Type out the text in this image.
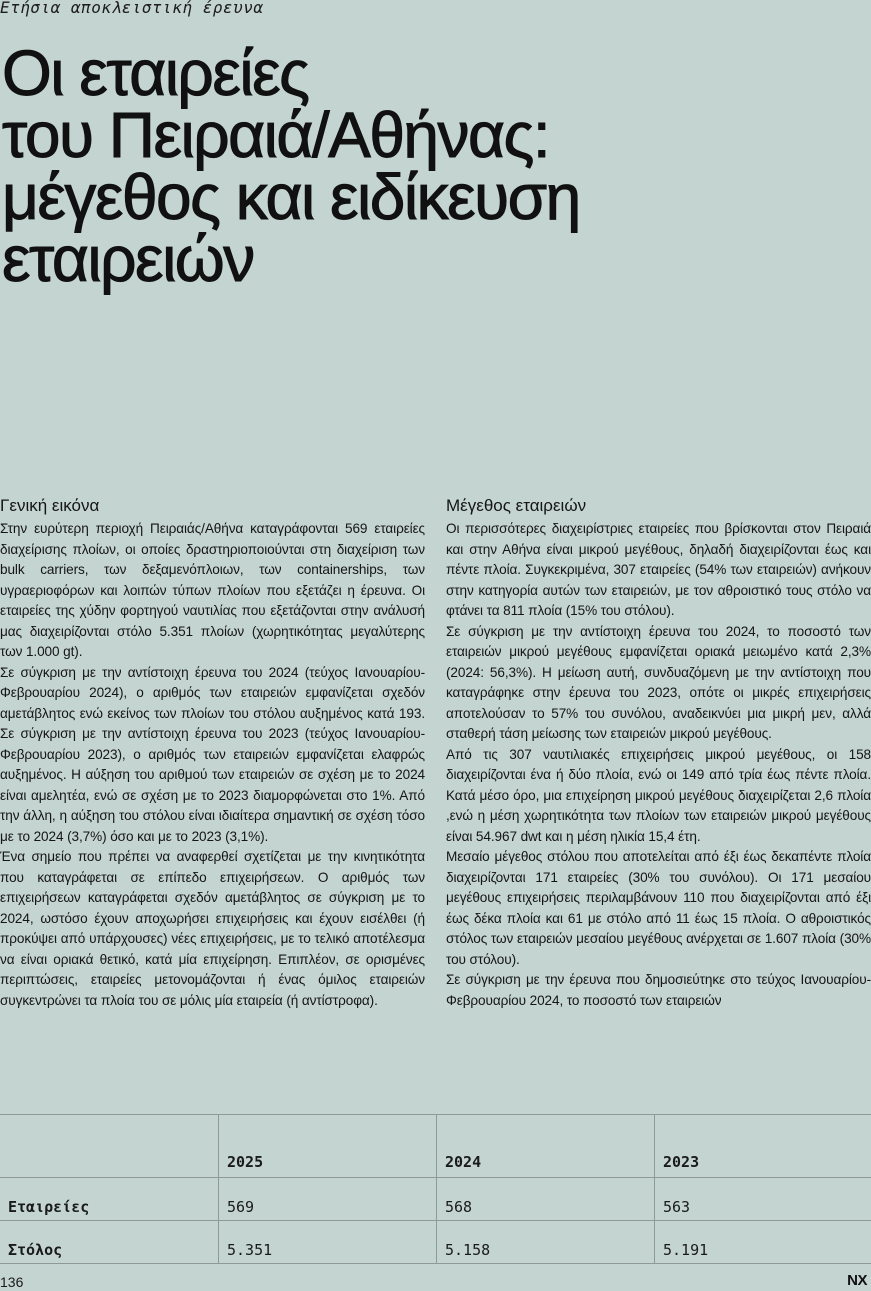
Ετήσια αποκλειστική έρευνα
Οι εταιρείες
του Πειραιά/Αθήνας:
μέγεθος και ειδίκευση
εταιρειών
Γενική εικόνα

Στην ευρύτερη περιοχή Πειραιάς/Αθήνα καταγράφονται 569 εταιρείες διαχείρισης πλοίων, οι οποίες δραστηριοποιούνται στη διαχείριση των bulk carriers, των δεξαμενόπλοιων, των containerships, των υγραεριοφόρων και λοιπών τύπων πλοίων που εξετάζει η έρευνα. Οι εταιρείες της χύδην φορτηγού ναυτιλίας που εξετάζονται στην ανάλυσή μας διαχειρίζονται στόλο 5.351 πλοίων (χωρητικότητας μεγαλύτερης των 1.000 gt).

Σε σύγκριση με την αντίστοιχη έρευνα του 2024 (τεύχος Ιανουαρίου-Φεβρουαρίου 2024), ο αριθμός των εταιρειών εμφανίζεται σχεδόν αμετάβλητος ενώ εκείνος των πλοίων του στόλου αυξημένος κατά 193. Σε σύγκριση με την αντίστοιχη έρευνα του 2023 (τεύχος Ιανουαρίου-Φεβρουαρίου 2023), ο αριθμός των εταιρειών εμφανίζεται ελαφρώς αυξημένος. Η αύξηση του αριθμού των εταιρειών σε σχέση με το 2024 είναι αμελητέα, ενώ σε σχέση με το 2023 διαμορφώνεται στο 1%. Από την άλλη, η αύξηση του στόλου είναι ιδιαίτερα σημαντική σε σχέση τόσο με το 2024 (3,7%) όσο και με το 2023 (3,1%).

Ένα σημείο που πρέπει να αναφερθεί σχετίζεται με την κινητικότητα που καταγράφεται σε επίπεδο επιχειρήσεων. Ο αριθμός των επιχειρήσεων καταγράφεται σχεδόν αμετάβλητος σε σύγκριση με το 2024, ωστόσο έχουν αποχωρήσει επιχειρήσεις και έχουν εισέλθει (ή προκύψει από υπάρχουσες) νέες επιχειρήσεις, με το τελικό αποτέλεσμα να είναι οριακά θετικό, κατά μία επιχείρηση. Επιπλέον, σε ορισμένες περιπτώσεις, εταιρείες μετονομάζονται ή ένας όμιλος εταιρειών συγκεντρώνει τα πλοία του σε μόλις μία εταιρεία (ή αντίστροφα).

Μέγεθος εταιρειών

Οι περισσότερες διαχειρίστριες εταιρείες που βρίσκονται στον Πειραιά και στην Αθήνα είναι μικρού μεγέθους, δηλαδή διαχειρίζονται έως και πέντε πλοία. Συγκεκριμένα, 307 εταιρείες (54% των εταιρειών) ανήκουν στην κατηγορία αυτών των εταιρειών, με τον αθροιστικό τους στόλο να φτάνει τα 811 πλοία (15% του στόλου).

Σε σύγκριση με την αντίστοιχη έρευνα του 2024, το ποσοστό των εταιρειών μικρού μεγέθους εμφανίζεται οριακά μειωμένο κατά 2,3% (2024: 56,3%). Η μείωση αυτή, συνδυαζόμενη με την αντίστοιχη που καταγράφηκε στην έρευνα του 2023, οπότε οι μικρές επιχειρήσεις αποτελούσαν το 57% του συνόλου, αναδεικνύει μια μικρή μεν, αλλά σταθερή τάση μείωσης των εταιρειών μικρού μεγέθους.

Από τις 307 ναυτιλιακές επιχειρήσεις μικρού μεγέθους, οι 158 διαχειρίζονται ένα ή δύο πλοία, ενώ οι 149 από τρία έως πέντε πλοία. Κατά μέσο όρο, μια επιχείρηση μικρού μεγέθους διαχειρίζεται 2,6 πλοία ,ενώ η μέση χωρητικότητα των πλοίων των εταιρειών μικρού μεγέθους είναι 54.967 dwt και η μέση ηλικία 15,4 έτη.

Μεσαίο μέγεθος στόλου που αποτελείται από έξι έως δεκαπέντε πλοία διαχειρίζονται 171 εταιρείες (30% του συνόλου). Οι 171 μεσαίου μεγέθους επιχειρήσεις περιλαμβάνουν 110 που διαχειρίζονται από έξι έως δέκα πλοία και 61 με στόλο από 11 έως 15 πλοία. Ο αθροιστικός στόλος των εταιρειών μεσαίου μεγέθους ανέρχεται σε 1.607 πλοία (30% του στόλου).

Σε σύγκριση με την έρευνα που δημοσιεύτηκε στο τεύχος Ιανουαρίου-Φεβρουαρίου 2024, το ποσοστό των εταιρειών

	2025	2024	2023
Εταιρείες	569	568	563
Στόλος	5.351	5.158	5.191
136	NX
